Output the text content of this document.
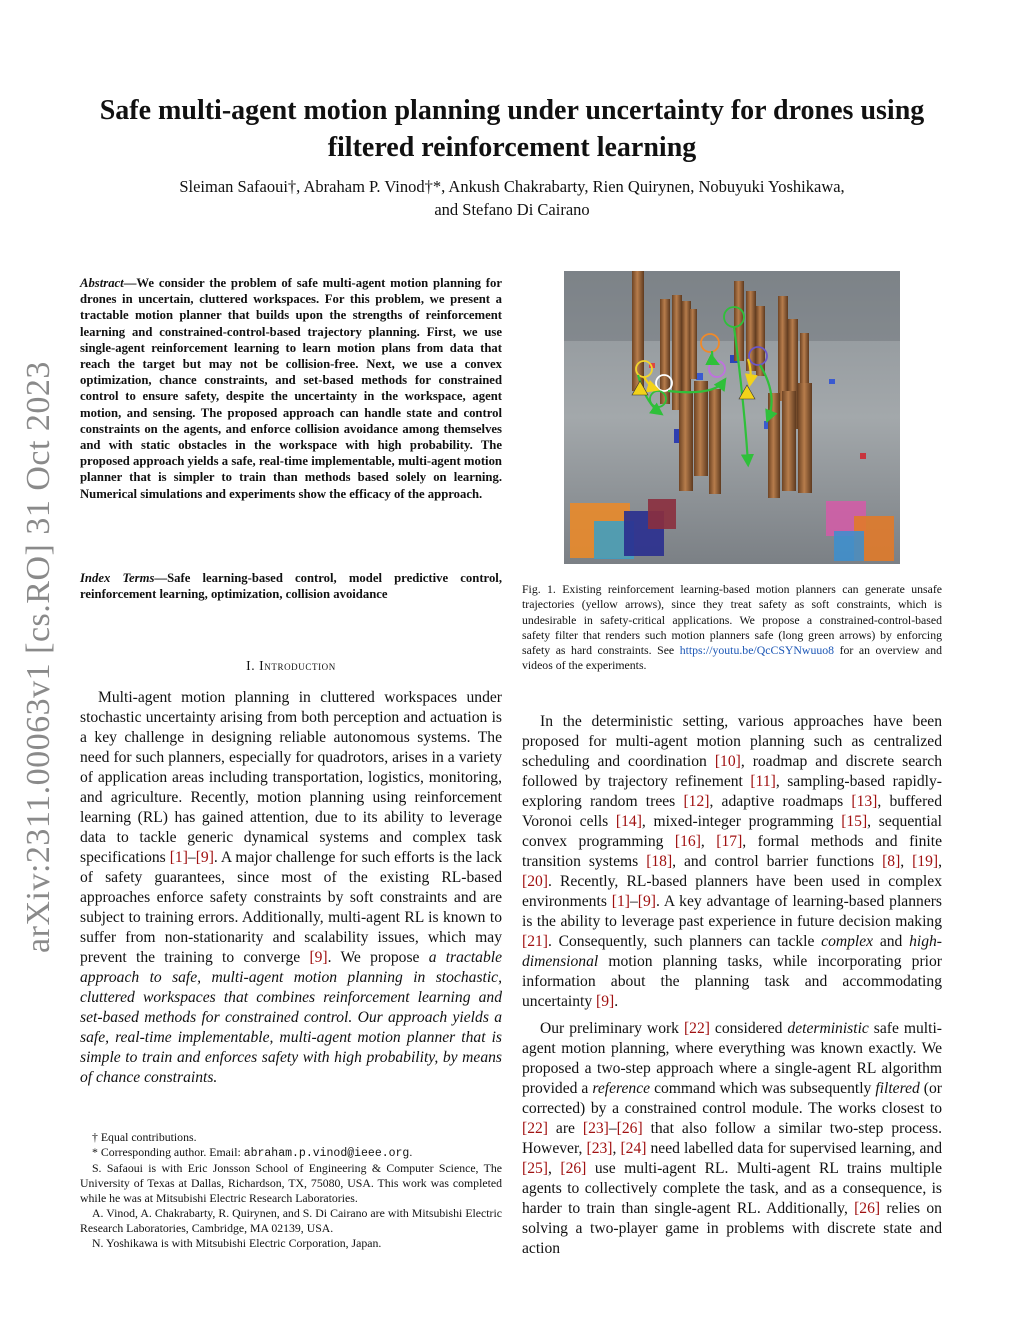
arXiv:2311.00063v1 [cs.RO] 31 Oct 2023
Safe multi-agent motion planning under uncertainty for drones using filtered reinforcement learning
Sleiman Safaoui†, Abraham P. Vinod†*, Ankush Chakrabarty, Rien Quirynen, Nobuyuki Yoshikawa,
and Stefano Di Cairano
Abstract—We consider the problem of safe multi-agent motion planning for drones in uncertain, cluttered workspaces. For this problem, we present a tractable motion planner that builds upon the strengths of reinforcement learning and constrained-control-based trajectory planning. First, we use single-agent reinforcement learning to learn motion plans from data that reach the target but may not be collision-free. Next, we use a convex optimization, chance constraints, and set-based methods for constrained control to ensure safety, despite the uncertainty in the workspace, agent motion, and sensing. The proposed approach can handle state and control constraints on the agents, and enforce collision avoidance among themselves and with static obstacles in the workspace with high probability. The proposed approach yields a safe, real-time implementable, multi-agent motion planner that is simpler to train than methods based solely on learning. Numerical simulations and experiments show the efficacy of the approach.
Index Terms—Safe learning-based control, model predictive control, reinforcement learning, optimization, collision avoidance
I. Introduction

Multi-agent motion planning in cluttered workspaces under stochastic uncertainty arising from both perception and actuation is a key challenge in designing reliable autonomous systems. The need for such planners, especially for quadrotors, arises in a variety of application areas including transportation, logistics, monitoring, and agriculture. Recently, motion planning using reinforcement learning (RL) has gained attention, due to its ability to leverage data to tackle generic dynamical systems and complex task specifications [1]–[9]. A major challenge for such efforts is the lack of safety guarantees, since most of the existing RL-based approaches enforce safety constraints by soft constraints and are subject to training errors. Additionally, multi-agent RL is known to suffer from non-stationarity and scalability issues, which may prevent the training to converge [9]. We propose a tractable approach to safe, multi-agent motion planning in stochastic, cluttered workspaces that combines reinforcement learning and set-based methods for constrained control. Our approach yields a safe, real-time implementable, multi-agent motion planner that is simple to train and enforces safety with high probability, by means of chance constraints.

† Equal contributions.

* Corresponding author. Email: abraham.p.vinod@ieee.org.

S. Safaoui is with Eric Jonsson School of Engineering & Computer Science, The University of Texas at Dallas, Richardson, TX, 75080, USA. This work was completed while he was at Mitsubishi Electric Research Laboratories.

A. Vinod, A. Chakrabarty, R. Quirynen, and S. Di Cairano are with Mitsubishi Electric Research Laboratories, Cambridge, MA 02139, USA.

N. Yoshikawa is with Mitsubishi Electric Corporation, Japan.

Fig. 1. Existing reinforcement learning-based motion planners can generate unsafe trajectories (yellow arrows), since they treat safety as soft constraints, which is undesirable in safety-critical applications. We propose a constrained-control-based safety filter that renders such motion planners safe (long green arrows) by enforcing safety as hard constraints. See https://youtu.be/QcCSYNwuuo8 for an overview and videos of the experiments.

In the deterministic setting, various approaches have been proposed for multi-agent motion planning such as centralized scheduling and coordination [10], roadmap and discrete search followed by trajectory refinement [11], sampling-based rapidly-exploring random trees [12], adaptive roadmaps [13], buffered Voronoi cells [14], mixed-integer programming [15], sequential convex programming [16], [17], formal methods and finite transition systems [18], and control barrier functions [8], [19], [20]. Recently, RL-based planners have been used in complex environments [1]–[9]. A key advantage of learning-based planners is the ability to leverage past experience in future decision making [21]. Consequently, such planners can tackle complex and high-dimensional motion planning tasks, while incorporating prior information about the planning task and accommodating uncertainty [9].

Our preliminary work [22] considered deterministic safe multi-agent motion planning, where everything was known exactly. We proposed a two-step approach where a single-agent RL algorithm provided a reference command which was subsequently filtered (or corrected) by a constrained control module. The works closest to [22] are [23]–[26] that also follow a similar two-step process. However, [23], [24] need labelled data for supervised learning, and [25], [26] use multi-agent RL. Multi-agent RL trains multiple agents to collectively complete the task, and as a consequence, is harder to train than single-agent RL. Additionally, [26] relies on solving a two-player game in problems with discrete state and action
